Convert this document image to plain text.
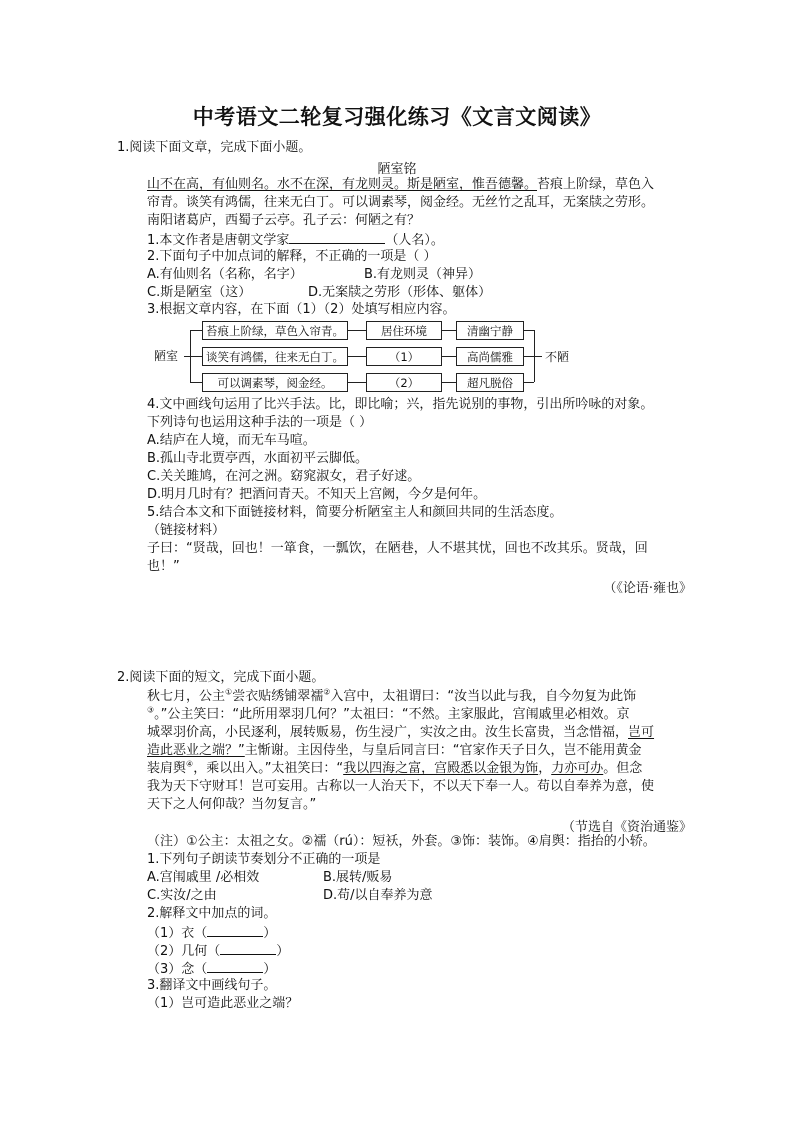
中考语文二轮复习强化练习《文言文阅读》
1.阅读下面文章，完成下面小题。
陋室铭
山不在高，有仙则名。水不在深，有龙则灵。斯是陋室，惟吾德馨。苔痕上阶绿，草色入
帘青。谈笑有鸿儒，往来无白丁。可以调素琴，阅金经。无丝竹之乱耳，无案牍之劳形。
南阳诸葛庐，西蜀子云亭。孔子云：何陋之有？
1.本文作者是唐朝文学家	（人名）。
2.下面句子中加点词的解释，不正确的一项是（ ）
A.有仙则名（名称，名字）	B.有龙则灵（神异）
C.斯是陋室（这）	D.无案牍之劳形（形体、躯体）
3.根据文章内容，在下面（1）（2）处填写相应内容。
陋室
苔痕上阶绿，草色入帘青。	居住环境	清幽宁静
谈笑有鸿儒，往来无白丁。	（1）	高尚儒雅
可以调素琴，阅金经。	（2）	超凡脱俗
不陋
4.文中画线句运用了比兴手法。比，即比喻；兴，指先说别的事物，引出所吟咏的对象。
下列诗句也运用这种手法的一项是（ ）
A.结庐在人境，而无车马喧。
B.孤山寺北贾亭西，水面初平云脚低。
C.关关雎鸠，在河之洲。窈窕淑女，君子好逑。
D.明月几时有？把酒问青天。不知天上宫阙，今夕是何年。
5.结合本文和下面链接材料，简要分析陋室主人和颜回共同的生活态度。
（链接材料）
子曰：“贤哉，回也！一箪食，一瓢饮，在陋巷，人不堪其忧，回也不改其乐。贤哉，回
也！”
（《论语·雍也》
2.阅读下面的短文，完成下面小题。
秋七月，公主①尝衣贴绣铺翠襦②入宫中，太祖谓曰：“汝当以此与我，自今勿复为此饰
③。”公主笑曰：“此所用翠羽几何？”太祖曰：“不然。主家服此，宫闱戚里必相效。京
城翠羽价高，小民逐利，展转贩易，伤生浸广，实汝之由。汝生长富贵，当念惜福，岂可
造此恶业之端？”主惭谢。主因侍坐，与皇后同言曰：“官家作天子日久，岂不能用黄金
装肩舆④，乘以出入。”太祖笑曰：“我以四海之富，宫殿悉以金银为饰，力亦可办。但念
我为天下守财耳！岂可妄用。古称以一人治天下，不以天下奉一人。苟以自奉养为意，使
天下之人何仰哉？当勿复言。”
（节选自《资治通鉴》
（注）①公主：太祖之女。②襦（rú）：短袄，外套。③饰：装饰。④肩舆：指抬的小轿。
1.下列句子朗读节奏划分不正确的一项是
A.宫闱戚里 /必相效	B.展转/贩易
C.实汝/之由	D.苟/以自奉养为意
2.解释文中加点的词。
（1）衣（	）
（2）几何（	）
（3）念（	）
3.翻译文中画线句子。
（1）岂可造此恶业之端？
